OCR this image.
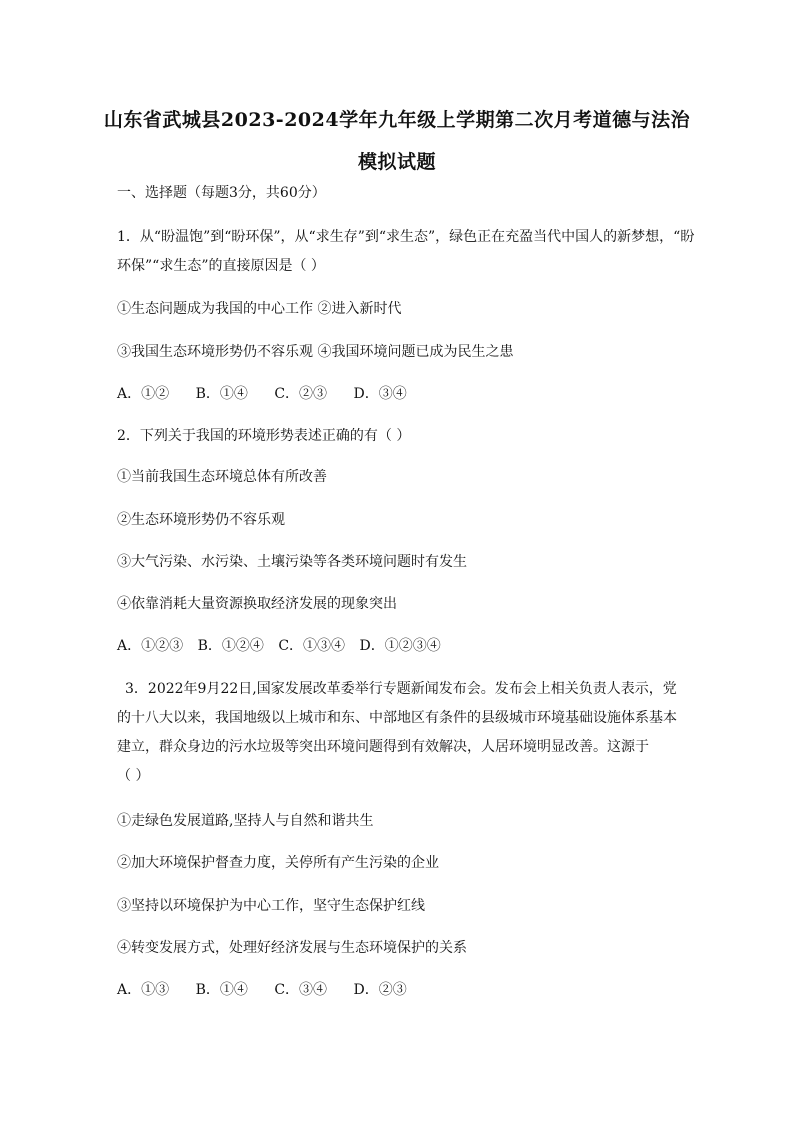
山东省武城县2023-2024学年九年级上学期第二次月考道德与法治
模拟试题
一、选择题（每题3分，共60分）
1．从“盼温饱”到“盼环保”，从“求生存”到“求生态”，绿色正在充盈当代中国人的新梦想，“盼
环保”“求生态”的直接原因是（ ）
①生态问题成为我国的中心工作 ②进入新时代
③我国生态环境形势仍不容乐观 ④我国环境问题已成为民生之患
A．①② B．①④ C．②③ D．③④
2．下列关于我国的环境形势表述正确的有（ ）
①当前我国生态环境总体有所改善
②生态环境形势仍不容乐观
③大气污染、水污染、土壤污染等各类环境问题时有发生
④依靠消耗大量资源换取经济发展的现象突出
A．①②③ B．①②④ C．①③④ D．①②③④
3．2022年9月22日,国家发展改革委举行专题新闻发布会。发布会上相关负责人表示，党
的十八大以来，我国地级以上城市和东、中部地区有条件的县级城市环境基础设施体系基本
建立，群众身边的污水垃圾等突出环境问题得到有效解决，人居环境明显改善。这源于
（ ）
①走绿色发展道路,坚持人与自然和谐共生
②加大环境保护督查力度，关停所有产生污染的企业
③坚持以环境保护为中心工作，坚守生态保护红线
④转变发展方式，处理好经济发展与生态环境保护的关系
A．①③ B．①④ C．③④ D．②③
